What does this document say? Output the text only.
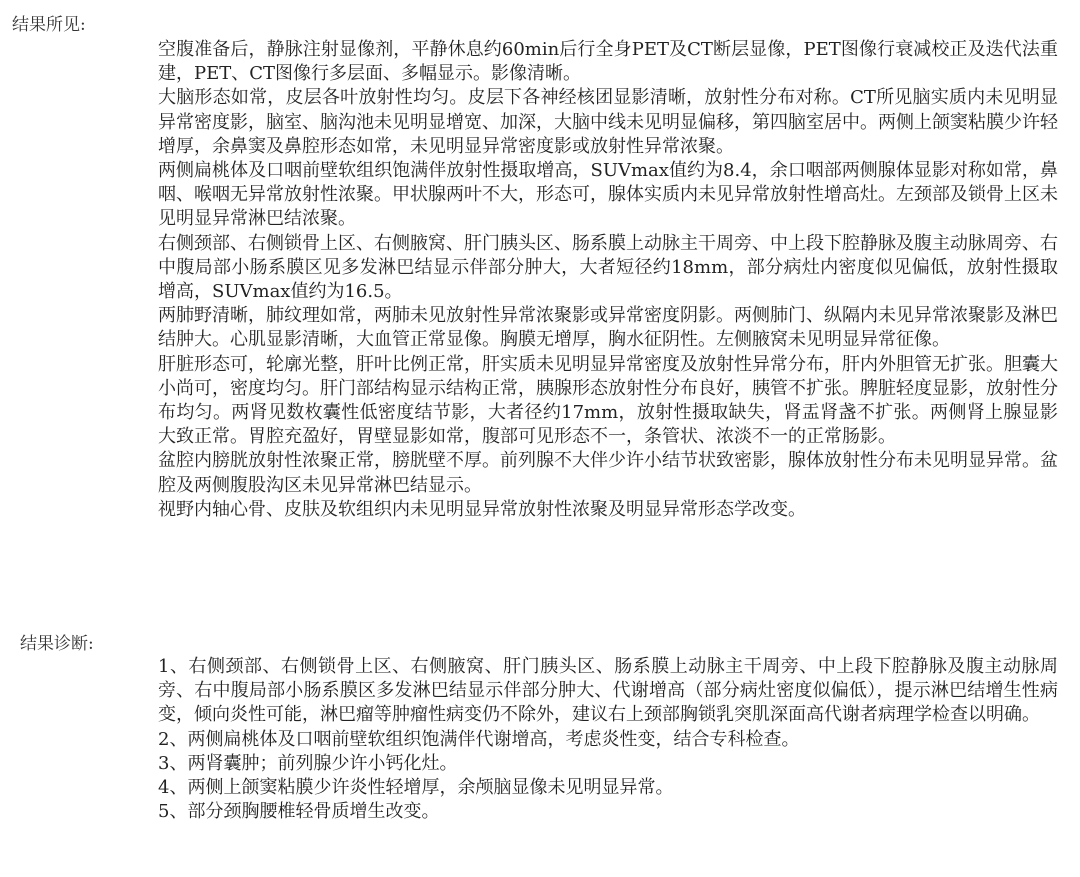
结果所见:

空腹准备后，静脉注射显像剂，平静休息约60min后行全身PET及CT断层显像，PET图像行衰减校正及迭代法重建，PET、CT图像行多层面、多幅显示。影像清晰。

大脑形态如常，皮层各叶放射性均匀。皮层下各神经核团显影清晰，放射性分布对称。CT所见脑实质内未见明显异常密度影，脑室、脑沟池未见明显增宽、加深，大脑中线未见明显偏移，第四脑室居中。两侧上颌窦粘膜少许轻增厚，余鼻窦及鼻腔形态如常，未见明显异常密度影或放射性异常浓聚。

两侧扁桃体及口咽前壁软组织饱满伴放射性摄取增高，SUVmax值约为8.4，余口咽部两侧腺体显影对称如常，鼻咽、喉咽无异常放射性浓聚。甲状腺两叶不大，形态可，腺体实质内未见异常放射性增高灶。左颈部及锁骨上区未见明显异常淋巴结浓聚。

右侧颈部、右侧锁骨上区、右侧腋窝、肝门胰头区、肠系膜上动脉主干周旁、中上段下腔静脉及腹主动脉周旁、右中腹局部小肠系膜区见多发淋巴结显示伴部分肿大，大者短径约18mm，部分病灶内密度似见偏低，放射性摄取增高，SUVmax值约为16.5。

两肺野清晰，肺纹理如常，两肺未见放射性异常浓聚影或异常密度阴影。两侧肺门、纵隔内未见异常浓聚影及淋巴结肿大。心肌显影清晰，大血管正常显像。胸膜无增厚，胸水征阴性。左侧腋窝未见明显异常征像。

肝脏形态可，轮廓光整，肝叶比例正常，肝实质未见明显异常密度及放射性异常分布，肝内外胆管无扩张。胆囊大小尚可，密度均匀。肝门部结构显示结构正常，胰腺形态放射性分布良好，胰管不扩张。脾脏轻度显影，放射性分布均匀。两肾见数枚囊性低密度结节影，大者径约17mm，放射性摄取缺失，肾盂肾盏不扩张。两侧肾上腺显影大致正常。胃腔充盈好，胃壁显影如常，腹部可见形态不一，条管状、浓淡不一的正常肠影。

盆腔内膀胱放射性浓聚正常，膀胱壁不厚。前列腺不大伴少许小结节状致密影，腺体放射性分布未见明显异常。盆腔及两侧腹股沟区未见异常淋巴结显示。

视野内轴心骨、皮肤及软组织内未见明显异常放射性浓聚及明显异常形态学改变。

结果诊断:

1、右侧颈部、右侧锁骨上区、右侧腋窝、肝门胰头区、肠系膜上动脉主干周旁、中上段下腔静脉及腹主动脉周旁、右中腹局部小肠系膜区多发淋巴结显示伴部分肿大、代谢增高（部分病灶密度似偏低），提示淋巴结增生性病变，倾向炎性可能，淋巴瘤等肿瘤性病变仍不除外，建议右上颈部胸锁乳突肌深面高代谢者病理学检查以明确。

2、两侧扁桃体及口咽前壁软组织饱满伴代谢增高，考虑炎性变，结合专科检查。

3、两肾囊肿；前列腺少许小钙化灶。

4、两侧上颌窦粘膜少许炎性轻增厚，余颅脑显像未见明显异常。

5、部分颈胸腰椎轻骨质增生改变。
